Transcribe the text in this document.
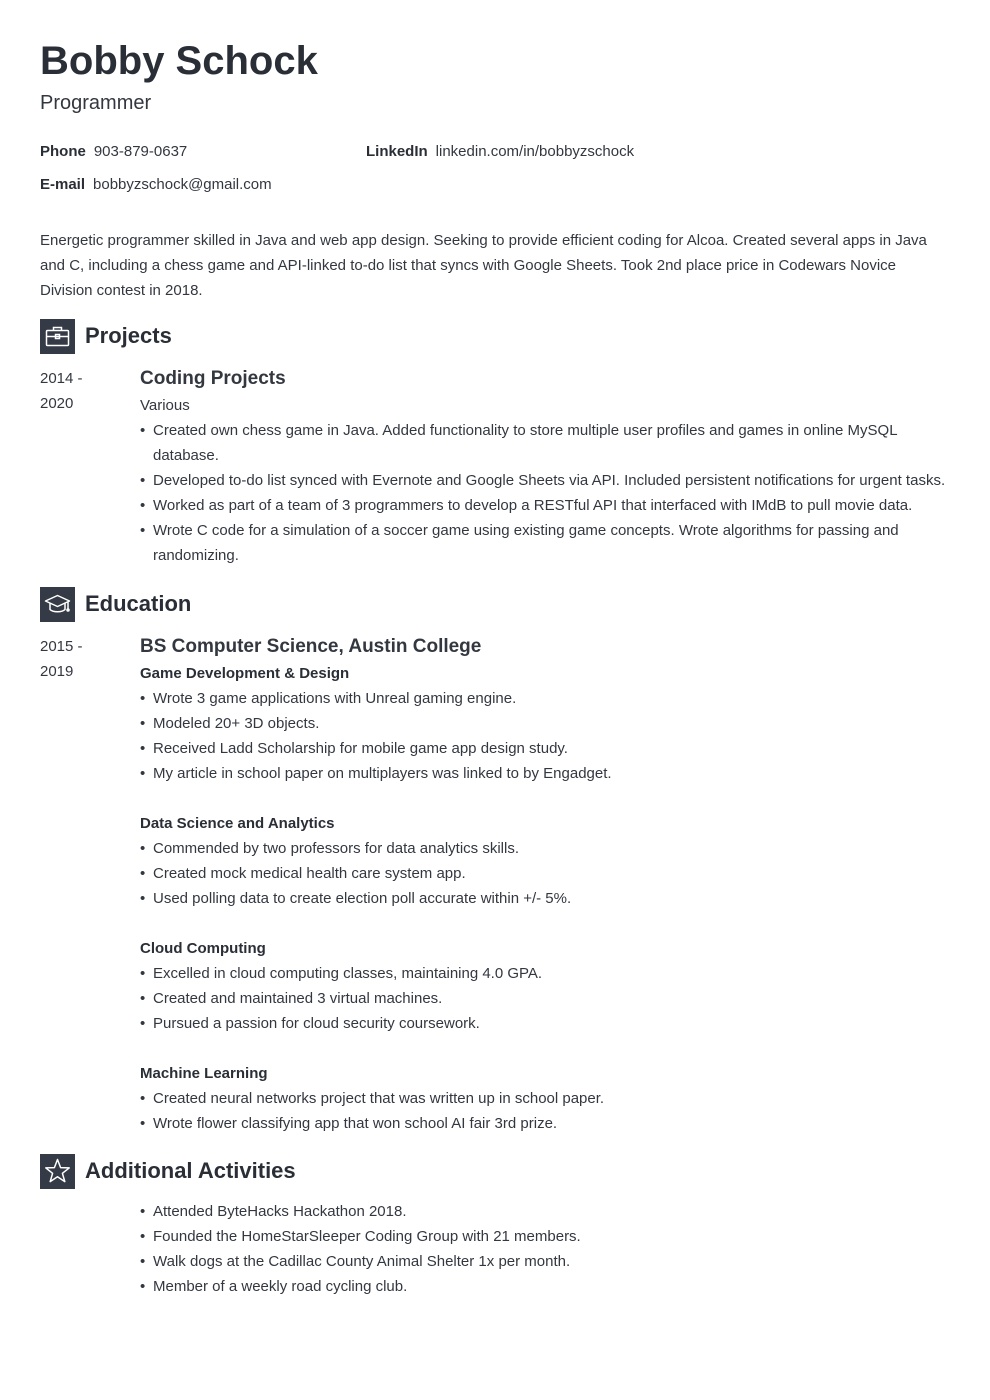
Bobby Schock
Programmer
Phone 903-879-0637	LinkedIn linkedin.com/in/bobbyzschock
E-mail bobbyzschock@gmail.com

Energetic programmer skilled in Java and web app design. Seeking to provide efficient coding for Alcoa. Created several apps in Java and C, including a chess game and API-linked to-do list that syncs with Google Sheets. Took 2nd place price in Codewars Novice Division contest in 2018.

Projects
2014 -
2020
Coding Projects
Various
• Created own chess game in Java. Added functionality to store multiple user profiles and games in online MySQL database.
• Developed to-do list synced with Evernote and Google Sheets via API. Included persistent notifications for urgent tasks.
• Worked as part of a team of 3 programmers to develop a RESTful API that interfaced with IMdB to pull movie data.
• Wrote C code for a simulation of a soccer game using existing game concepts. Wrote algorithms for passing and randomizing.
Education
2015 -
2019
BS Computer Science, Austin College
Game Development & Design
• Wrote 3 game applications with Unreal gaming engine.
• Modeled 20+ 3D objects.
• Received Ladd Scholarship for mobile game app design study.
• My article in school paper on multiplayers was linked to by Engadget.
Data Science and Analytics
• Commended by two professors for data analytics skills.
• Created mock medical health care system app.
• Used polling data to create election poll accurate within +/- 5%.
Cloud Computing
• Excelled in cloud computing classes, maintaining 4.0 GPA.
• Created and maintained 3 virtual machines.
• Pursued a passion for cloud security coursework.
Machine Learning
• Created neural networks project that was written up in school paper.
• Wrote flower classifying app that won school AI fair 3rd prize.
Additional Activities
• Attended ByteHacks Hackathon 2018.
• Founded the HomeStarSleeper Coding Group with 21 members.
• Walk dogs at the Cadillac County Animal Shelter 1x per month.
• Member of a weekly road cycling club.
